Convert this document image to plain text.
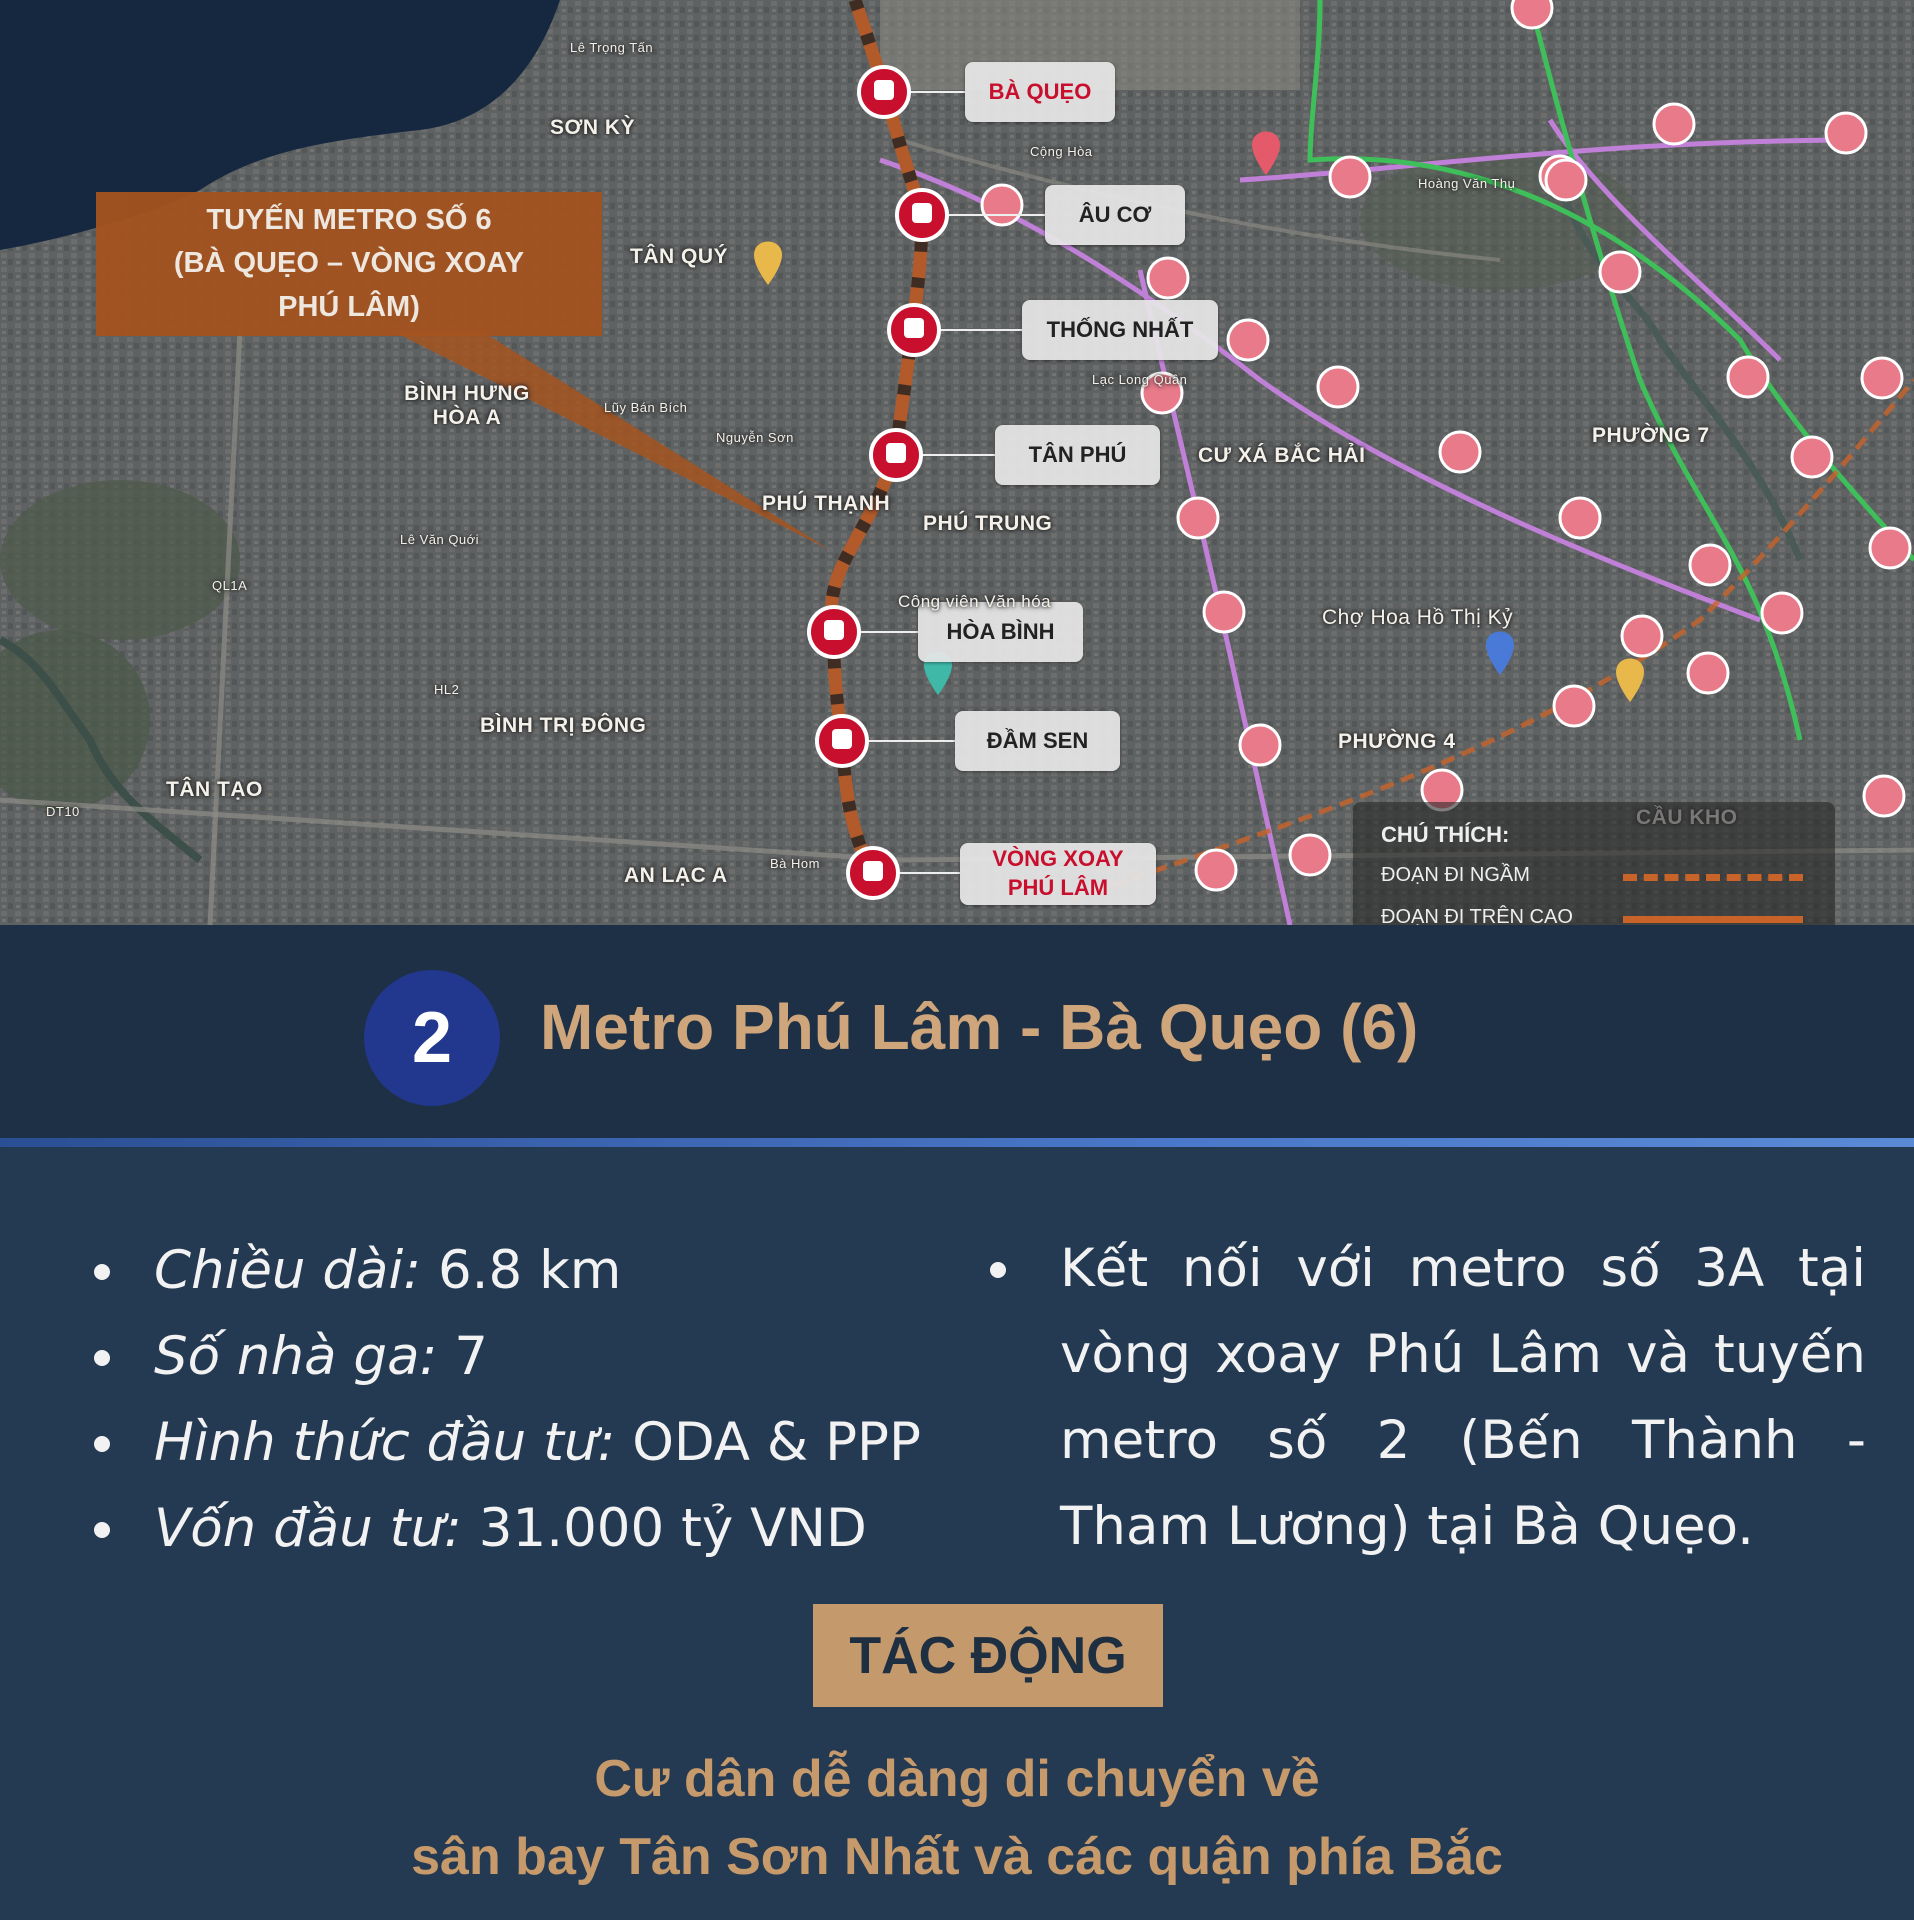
TUYẾN METRO SỐ 6
(BÀ QUẸO – VÒNG XOAY
PHÚ LÂM)
BÀ QUẸO
ÂU CƠ
THỐNG NHẤT
TÂN PHÚ
HÒA BÌNH
ĐẦM SEN
VÒNG XOAY
PHÚ LÂM
SƠN KỲ
TÂN QUÝ
BÌNH HƯNG HÒA A
PHÚ THẠNH
PHÚ TRUNG
CƯ XÁ BẮC HẢI
PHƯỜNG 7
BÌNH TRỊ ĐÔNG
TÂN TẠO
PHƯỜNG 4
AN LẠC A
Chợ Hoa Hồ Thị Kỷ
Công viên Văn hóa
Lê Trọng Tấn
Cộng Hòa
Hoàng Văn Thụ
Nguyễn Sơn
Lê Văn Quới
QL1A
HL2
DT10
Bà Hom
Lũy Bán Bích
Lạc Long Quân
CHÚ THÍCH:
ĐOẠN ĐI NGẦM
ĐOẠN ĐI TRÊN CAO
2	Metro Phú Lâm - Bà Quẹo (6)
Chiều dài: 6.8 km
Số nhà ga: 7
Hình thức đầu tư: ODA & PPP
Vốn đầu tư: 31.000 tỷ VND
Kết nối với metro số 3A tại vòng xoay Phú Lâm và tuyến metro số 2 (Bến Thành - Tham Lương) tại Bà Quẹo.
TÁC ĐỘNG
Cư dân dễ dàng di chuyển về
sân bay Tân Sơn Nhất và các quận phía Bắc
